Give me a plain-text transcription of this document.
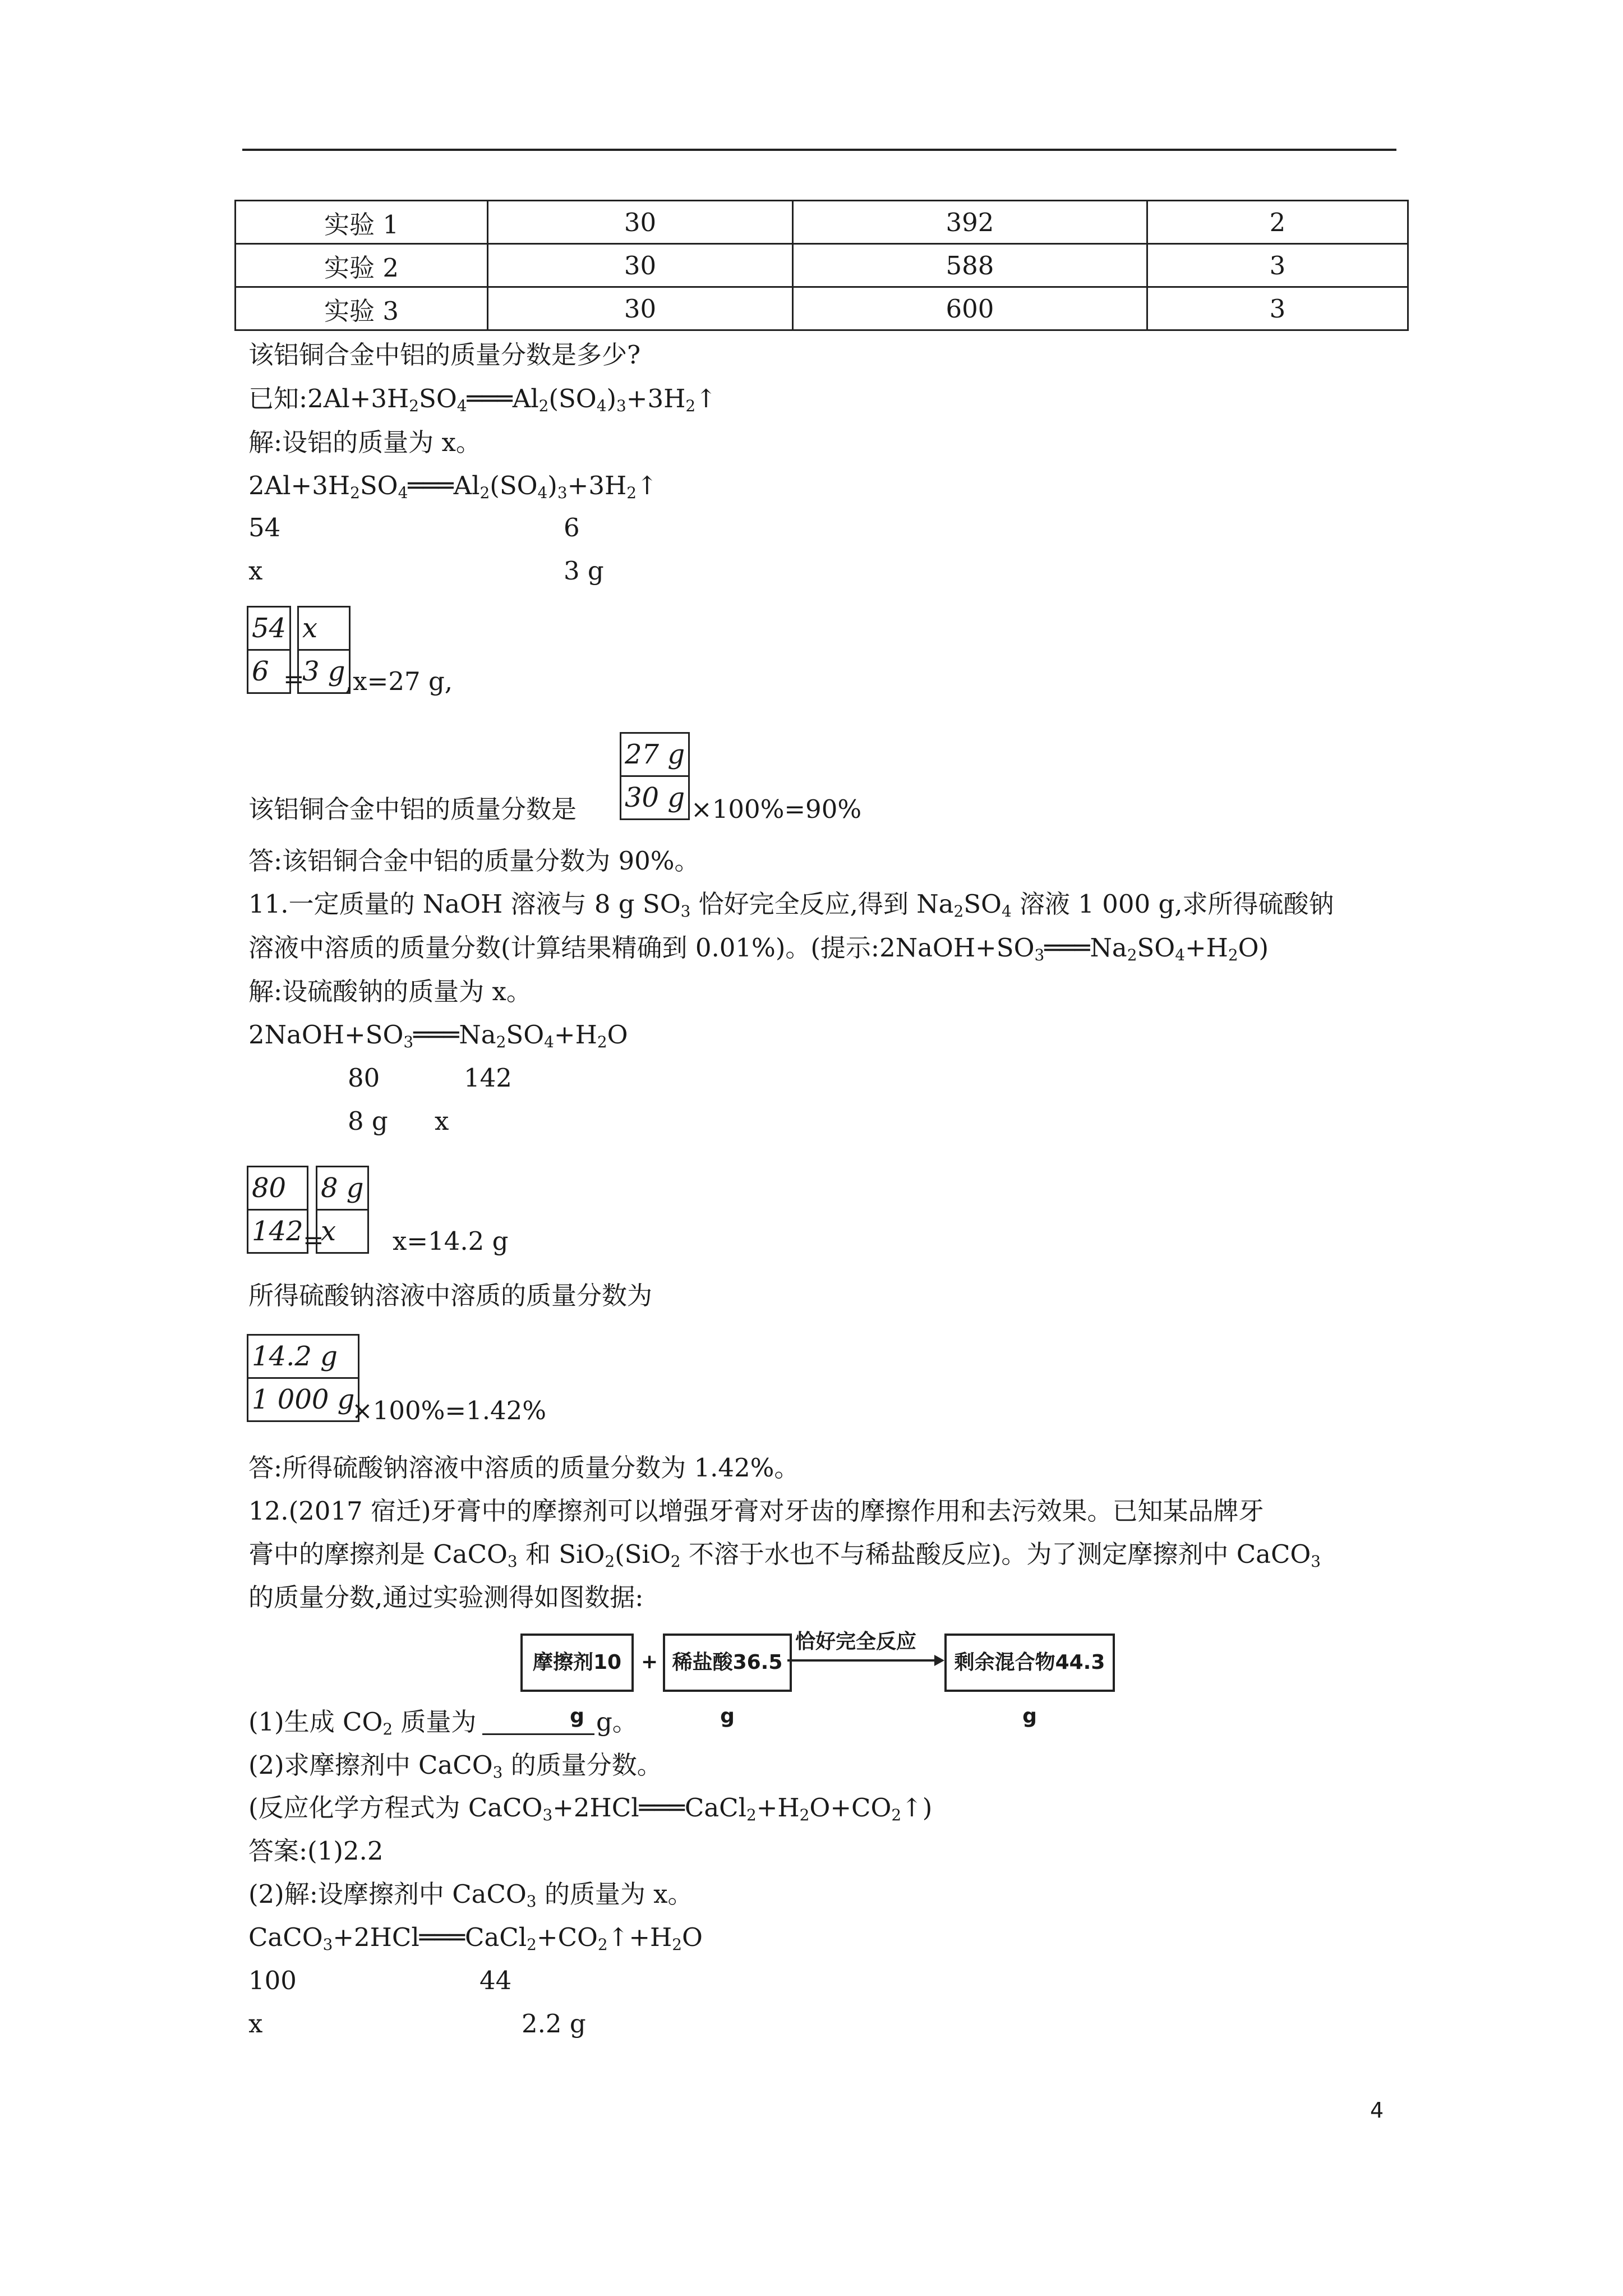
实验 1	30	392	2
实验 2	30	588	3
实验 3	30	600	3
该铝铜合金中铝的质量分数是多少?
已知$:2Al+3H_2SO_4═══Al_2(SO_4)_3+3H_2↑$
解:设铝的质量为 x。
$2Al+3H_2SO_4═══Al_2(SO_4)_3+3H_2↑$
54	6
x	3 g
$\frac{54}{6}$
=
$\frac{x}{3 g}$
,x=27 g,
$\frac{27 g}{30 g}$
该铝铜合金中铝的质量分数是	×100%=90%
答:该铝铜合金中铝的质量分数为 90%。
11.一定质量的 NaOH 溶液与 8 g $SO_3$ 恰好完全反应,得到 $Na_2SO_4$ 溶液 1 000 g,求所得硫酸钠
溶液中溶质的质量分数(计算结果精确到 0.01%)。(提示$:2NaOH+SO_3═══Na_2SO_4+H_2O$)
解:设硫酸钠的质量为 x。
$2NaOH+SO_3═══Na_2SO_4+H_2O$
80	142
8 g x
$\frac{80}{142}$
=
$\frac{8 g}{x} x=14.2$ g
所得硫酸钠溶液中溶质的质量分数为
$\frac{14.2 g}{1 000 g}$
×100%=1.42%
答:所得硫酸钠溶液中溶质的质量分数为 1.42%。
12.(2017 宿迁)牙膏中的摩擦剂可以增强牙膏对牙齿的摩擦作用和去污效果。已知某品牌牙
膏中的摩擦剂是 CaCO$_3$ 和 SiO$_2$(SiO$_2$ 不溶于水也不与稀盐酸反应)。为了测定摩擦剂中 CaCO$_3$
的质量分数,通过实验测得如图数据:
摩擦剂10 g
+ 稀盐酸36.5 g
恰好完全反应
剩余混合物44.3 g
(1)生成 $CO_2$ 质量为	g。
(2)求摩擦剂中 CaCO$_3$ 的质量分数。
(反应化学方程式为 $CaCO_3+2HCl═══CaCl_2+H_2O+CO_2↑$)
答案:(1)2.2
(2)解:设摩擦剂中 CaCO$_3$ 的质量为 x。
$CaCO_3+2HCl═══CaCl_2+CO_2↑+H_2O$
100	44
x	2.2 g
4
